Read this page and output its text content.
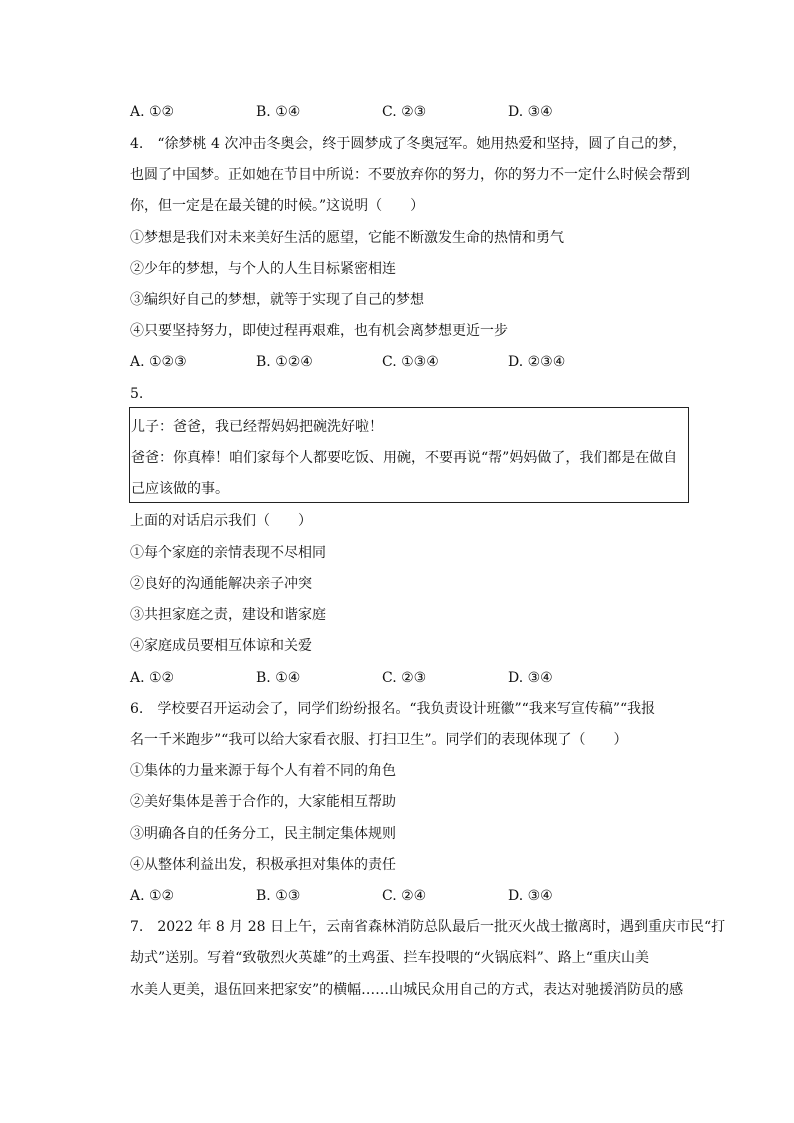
A. ①②	B. ①④	C. ②③	D. ③④
4.　“徐梦桃 4 次冲击冬奥会，终于圆梦成了冬奥冠军。她用热爱和坚持，圆了自己的梦，
也圆了中国梦。正如她在节目中所说：不要放弃你的努力，你的努力不一定什么时候会帮到
你，但一定是在最关键的时候。”这说明（　　）
①梦想是我们对未来美好生活的愿望，它能不断激发生命的热情和勇气
②少年的梦想，与个人的人生目标紧密相连
③编织好自己的梦想，就等于实现了自己的梦想
④只要坚持努力，即使过程再艰难，也有机会离梦想更近一步
A. ①②③	B. ①②④	C. ①③④	D. ②③④
5.
儿子：爸爸，我已经帮妈妈把碗洗好啦！
爸爸：你真棒！咱们家每个人都要吃饭、用碗，不要再说“帮”妈妈做了，我们都是在做自
己应该做的事。
上面的对话启示我们（　　）
①每个家庭的亲情表现不尽相同
②良好的沟通能解决亲子冲突
③共担家庭之责，建设和谐家庭
④家庭成员要相互体谅和关爱
A. ①②	B. ①④	C. ②③	D. ③④
6.　学校要召开运动会了，同学们纷纷报名。“我负责设计班徽”“我来写宣传稿”“我报
名一千米跑步”“我可以给大家看衣服、打扫卫生”。同学们的表现体现了（　　）
①集体的力量来源于每个人有着不同的角色
②美好集体是善于合作的，大家能相互帮助
③明确各自的任务分工，民主制定集体规则
④从整体利益出发，积极承担对集体的责任
A. ①②	B. ①③	C. ②④	D. ③④
7.　2022 年 8 月 28 日上午，云南省森林消防总队最后一批灭火战士撤离时，遇到重庆市民“打
劫式”送别。写着“致敬烈火英雄”的土鸡蛋、拦车投喂的“火锅底料”、路上“重庆山美
水美人更美，退伍回来把家安”的横幅……山城民众用自己的方式，表达对驰援消防员的感
